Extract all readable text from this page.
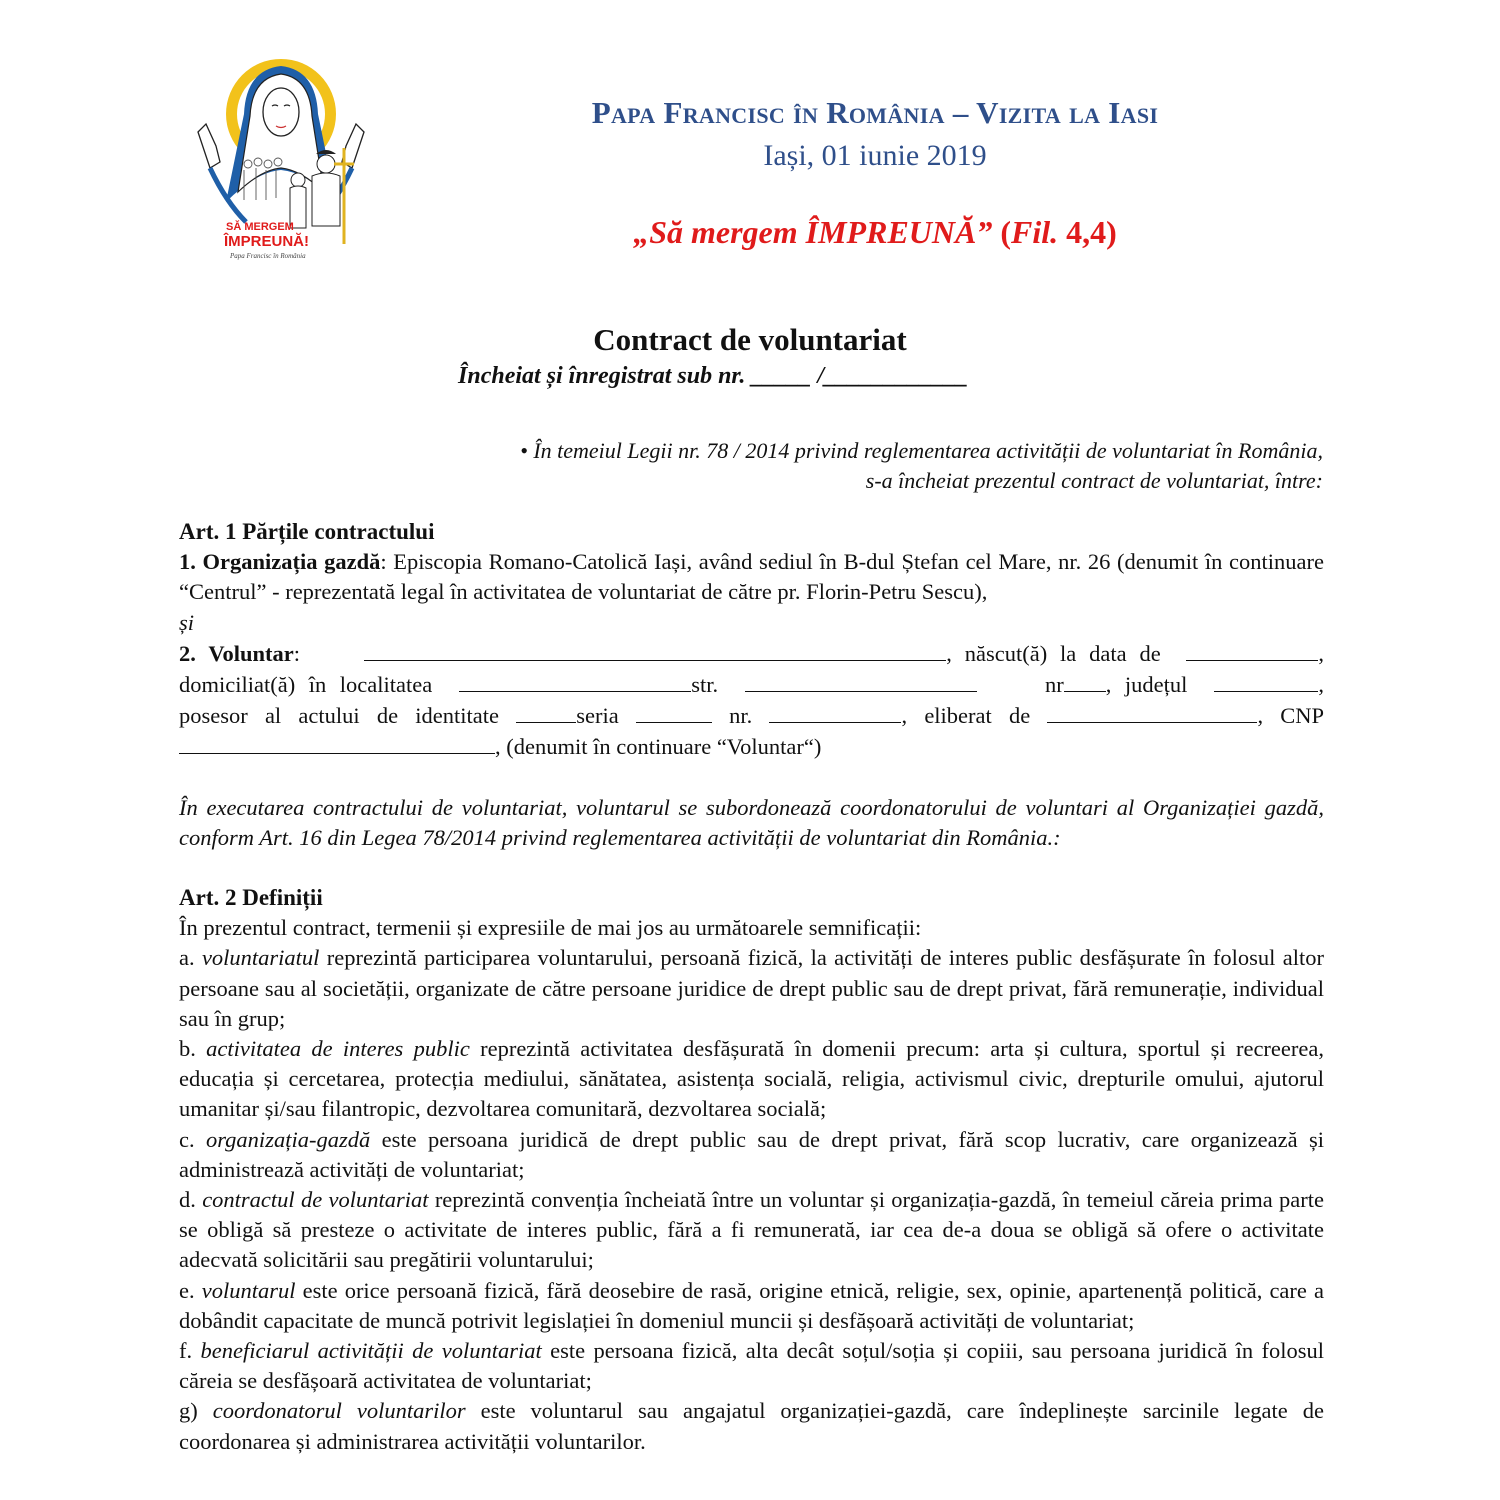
SĂ MERGEM
ÎMPREUNĂ!
Papa Francisc în România
Papa Francisc în România – Vizita la Iasi
Iași, 01 iunie 2019
„Să mergem ÎMPREUNĂ” (Fil. 4,4)
Contract de voluntariat
Încheiat și înregistrat sub nr. _____ /____________
• În temeiul Legii nr. 78 / 2014 privind reglementarea activității de voluntariat în România,
s-a încheiat prezentul contract de voluntariat, între:

Art. 1 Părțile contractului

1. Organizația gazdă: Episcopia Romano-Catolică Iași, având sediul în B-dul Ștefan cel Mare, nr. 26 (denumit în continuare “Centrul” - reprezentată legal în activitatea de voluntariat de către pr. Florin-Petru Sescu),

și

2. Voluntar:	, născut(ă) la data de	,

domiciliat(ă) în localitatea	str.	nr , județul	,

posesor al actului de identitate	seria	nr.	, eliberat de	, CNP

, (denumit în continuare “Voluntar“)

În executarea contractului de voluntariat, voluntarul se subordonează coordonatorului de voluntari al Organizației gazdă, conform Art. 16 din Legea 78/2014 privind reglementarea activității de voluntariat din România.:

Art. 2 Definiții

În prezentul contract, termenii și expresiile de mai jos au următoarele semnificații:

a. voluntariatul reprezintă participarea voluntarului, persoană fizică, la activități de interes public desfășurate în folosul altor persoane sau al societății, organizate de către persoane juridice de drept public sau de drept privat, fără remunerație, individual sau în grup;

b. activitatea de interes public reprezintă activitatea desfășurată în domenii precum: arta și cultura, sportul și recreerea, educația și cercetarea, protecția mediului, sănătatea, asistența socială, religia, activismul civic, drepturile omului, ajutorul umanitar și/sau filantropic, dezvoltarea comunitară, dezvoltarea socială;

c. organizația-gazdă este persoana juridică de drept public sau de drept privat, fără scop lucrativ, care organizează și administrează activități de voluntariat;

d. contractul de voluntariat reprezintă convenția încheiată între un voluntar și organizația-gazdă, în temeiul căreia prima parte se obligă să presteze o activitate de interes public, fără a fi remunerată, iar cea de-a doua se obligă să ofere o activitate adecvată solicitării sau pregătirii voluntarului;

e. voluntarul este orice persoană fizică, fără deosebire de rasă, origine etnică, religie, sex, opinie, apartenență politică, care a dobândit capacitate de muncă potrivit legislației în domeniul muncii și desfășoară activități de voluntariat;

f. beneficiarul activității de voluntariat este persoana fizică, alta decât soțul/soția și copiii, sau persoana juridică în folosul căreia se desfășoară activitatea de voluntariat;

g) coordonatorul voluntarilor este voluntarul sau angajatul organizației-gazdă, care îndeplinește sarcinile legate de coordonarea și administrarea activității voluntarilor.
